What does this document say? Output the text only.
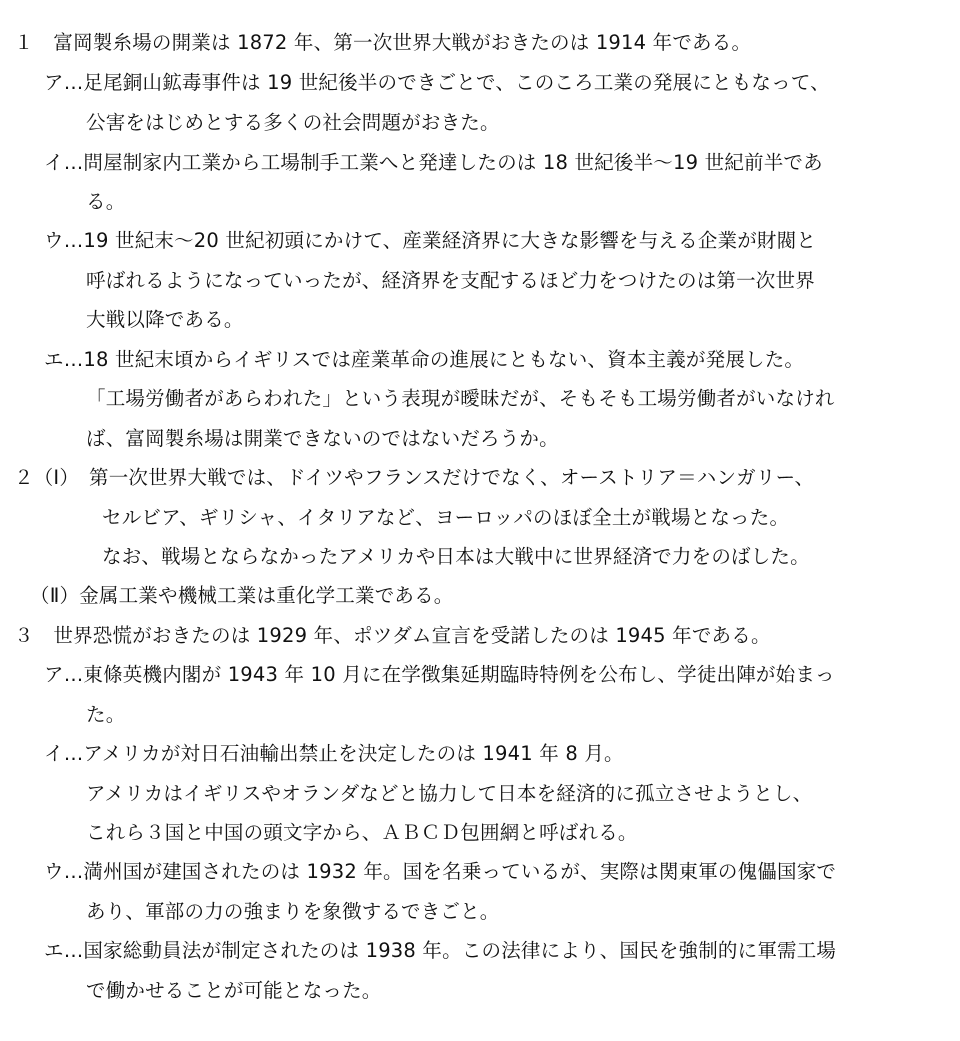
１　富岡製糸場の開業は 1872 年、第一次世界大戦がおきたのは 1914 年である。
ア…足尾銅山鉱毒事件は 19 世紀後半のできごとで、このころ工業の発展にともなって、
公害をはじめとする多くの社会問題がおきた。
イ…問屋制家内工業から工場制手工業へと発達したのは 18 世紀後半〜19 世紀前半であ
る。
ウ…19 世紀末〜20 世紀初頭にかけて、産業経済界に大きな影響を与える企業が財閥と
呼ばれるようになっていったが、経済界を支配するほど力をつけたのは第一次世界
大戦以降である。
エ…18 世紀末頃からイギリスでは産業革命の進展にともない、資本主義が発展した。
「工場労働者があらわれた」という表現が曖昧だが、そもそも工場労働者がいなけれ
ば、富岡製糸場は開業できないのではないだろうか。
２（Ⅰ）　第一次世界大戦では、ドイツやフランスだけでなく、オーストリア＝ハンガリー、
セルビア、ギリシャ、イタリアなど、ヨーロッパのほぼ全土が戦場となった。
なお、戦場とならなかったアメリカや日本は大戦中に世界経済で力をのばした。
（Ⅱ）金属工業や機械工業は重化学工業である。
３　世界恐慌がおきたのは 1929 年、ポツダム宣言を受諾したのは 1945 年である。
ア…東條英機内閣が 1943 年 10 月に在学徴集延期臨時特例を公布し、学徒出陣が始まっ
た。
イ…アメリカが対日石油輸出禁止を決定したのは 1941 年 8 月。
アメリカはイギリスやオランダなどと協力して日本を経済的に孤立させようとし、
これら３国と中国の頭文字から、ＡＢＣＤ包囲網と呼ばれる。
ウ…満州国が建国されたのは 1932 年。国を名乗っているが、実際は関東軍の傀儡国家で
あり、軍部の力の強まりを象徴するできごと。
エ…国家総動員法が制定されたのは 1938 年。この法律により、国民を強制的に軍需工場
で働かせることが可能となった。
